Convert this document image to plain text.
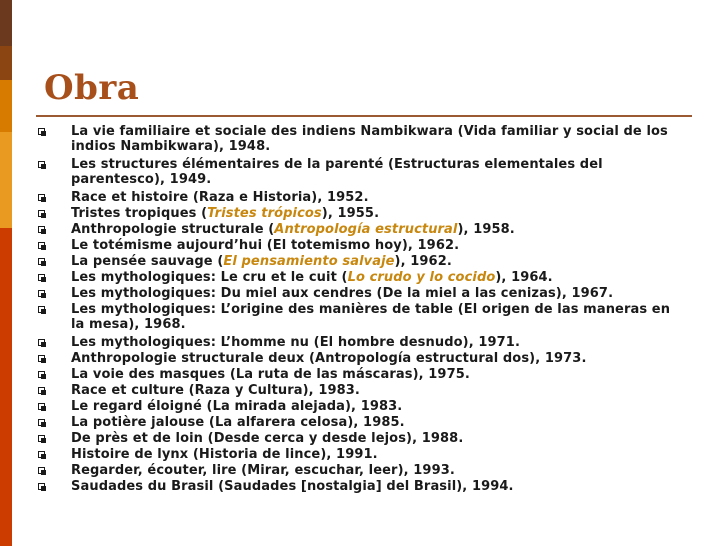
Obra
La vie familiaire et sociale des indiens Nambikwara (Vida familiar y social de los indios Nambikwara), 1948.
Les structures élémentaires de la parenté (Estructuras elementales del parentesco), 1949.
Race et histoire (Raza e Historia), 1952.
Tristes tropiques (Tristes trópicos), 1955.
Anthropologie structurale (Antropología estructural), 1958.
Le totémisme aujourd’hui (El totemismo hoy), 1962.
La pensée sauvage (El pensamiento salvaje), 1962.
Les mythologiques: Le cru et le cuit (Lo crudo y lo cocido), 1964.
Les mythologiques: Du miel aux cendres (De la miel a las cenizas), 1967.
Les mythologiques: L’origine des manières de table (El origen de las maneras en la mesa), 1968.
Les mythologiques: L’homme nu (El hombre desnudo), 1971.
Anthropologie structurale deux (Antropología estructural dos), 1973.
La voie des masques (La ruta de las máscaras), 1975.
Race et culture (Raza y Cultura), 1983.
Le regard éloigné (La mirada alejada), 1983.
La potière jalouse (La alfarera celosa), 1985.
De près et de loin (Desde cerca y desde lejos), 1988.
Histoire de lynx (Historia de lince), 1991.
Regarder, écouter, lire (Mirar, escuchar, leer), 1993.
Saudades du Brasil (Saudades [nostalgia] del Brasil), 1994.
